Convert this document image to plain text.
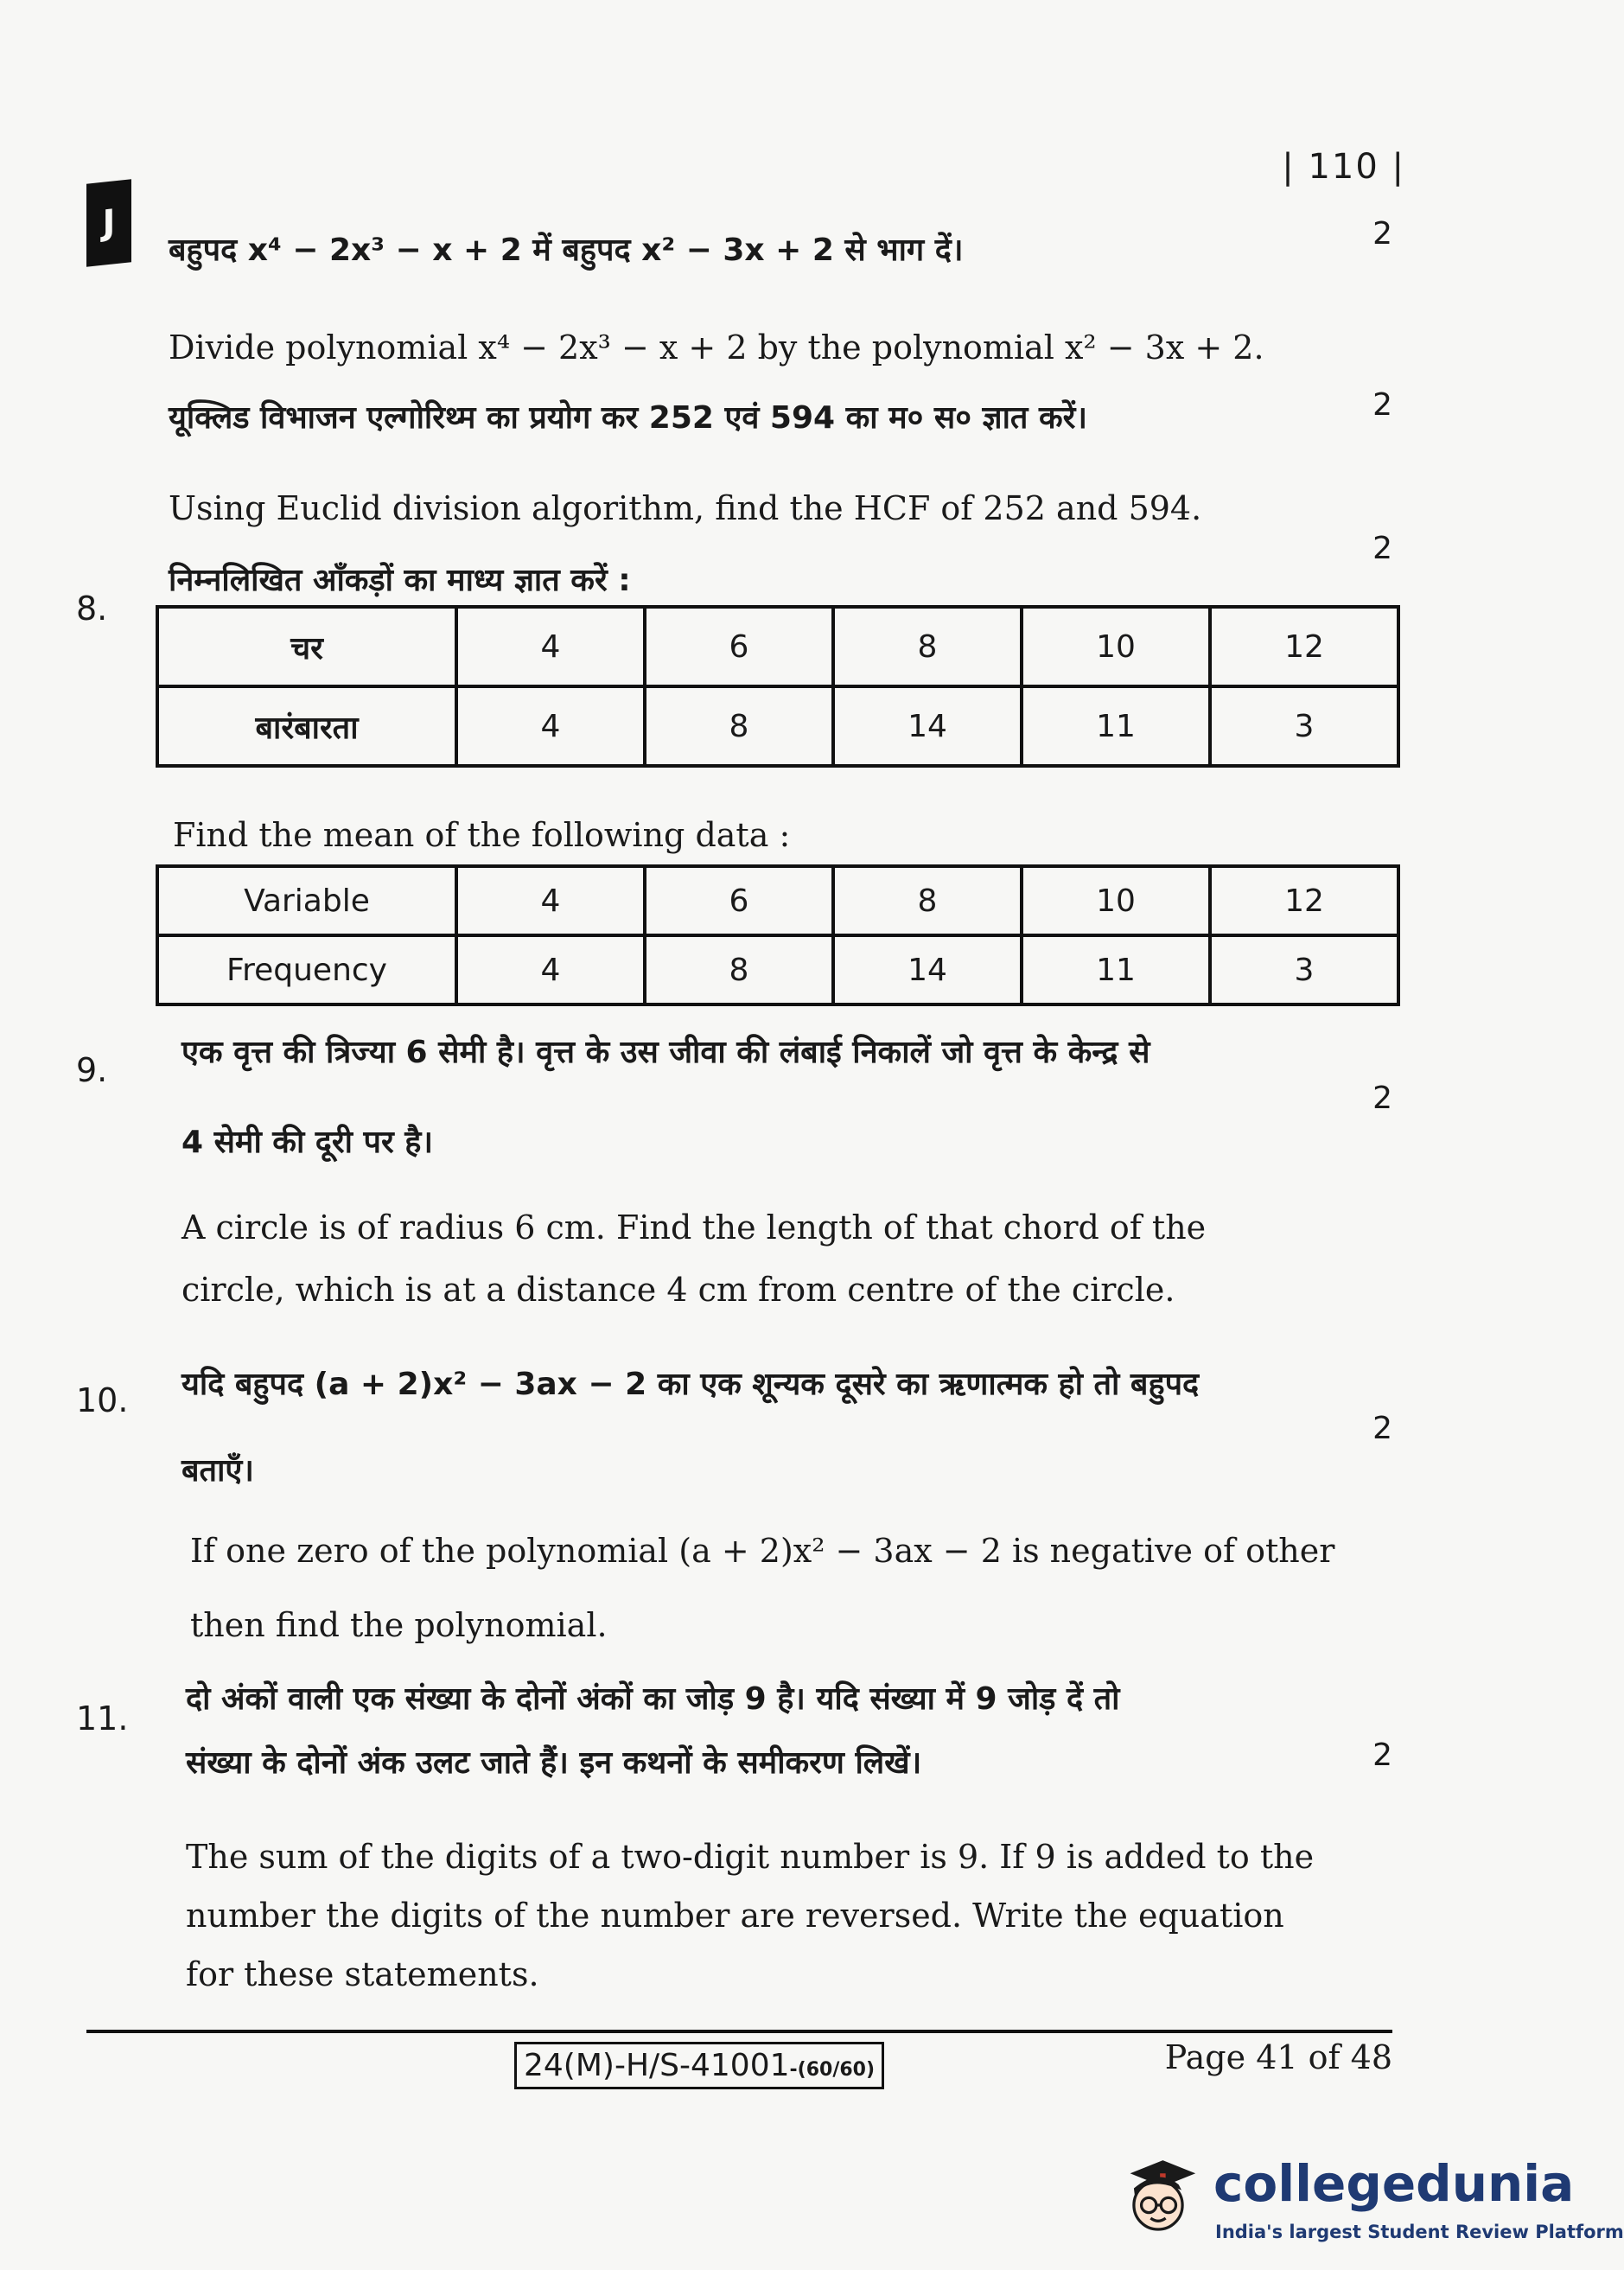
| 110 |
J
बहुपद x⁴ − 2x³ − x + 2 में बहुपद x² − 3x + 2 से भाग दें।	2
Divide polynomial x⁴ − 2x³ − x + 2 by the polynomial x² − 3x + 2.
यूक्लिड विभाजन एल्गोरिथ्म का प्रयोग कर 252 एवं 594 का म० स० ज्ञात करें।	2
Using Euclid division algorithm, find the HCF of 252 and 594.
8.
2
निम्नलिखित आँकड़ों का माध्य ज्ञात करें :
चर	4	6	8	10	12
बारंबारता	4	8	14	11	3
Find the mean of the following data :
Variable	4	6	8	10	12
Frequency	4	8	14	11	3
9. एक वृत्त की त्रिज्या 6 सेमी है। वृत्त के उस जीवा की लंबाई निकालें जो वृत्त के केन्द्र से
2
4 सेमी की दूरी पर है।
A circle is of radius 6 cm. Find the length of that chord of the
circle, which is at a distance 4 cm from centre of the circle.
10. यदि बहुपद (a + 2)x² − 3ax − 2 का एक शून्यक दूसरे का ऋणात्मक हो तो बहुपद
2
बताएँ।
If one zero of the polynomial (a + 2)x² − 3ax − 2 is negative of other
then find the polynomial.
11.
दो अंकों वाली एक संख्या के दोनों अंकों का जोड़ 9 है। यदि संख्या में 9 जोड़ दें तो
संख्या के दोनों अंक उलट जाते हैं। इन कथनों के समीकरण लिखें।	2
The sum of the digits of a two-digit number is 9. If 9 is added to the
number the digits of the number are reversed. Write the equation
for these statements.
24(M)-H/S-41001-(60/60)	Page 41 of 48
collegedunia
India's largest Student Review Platform
